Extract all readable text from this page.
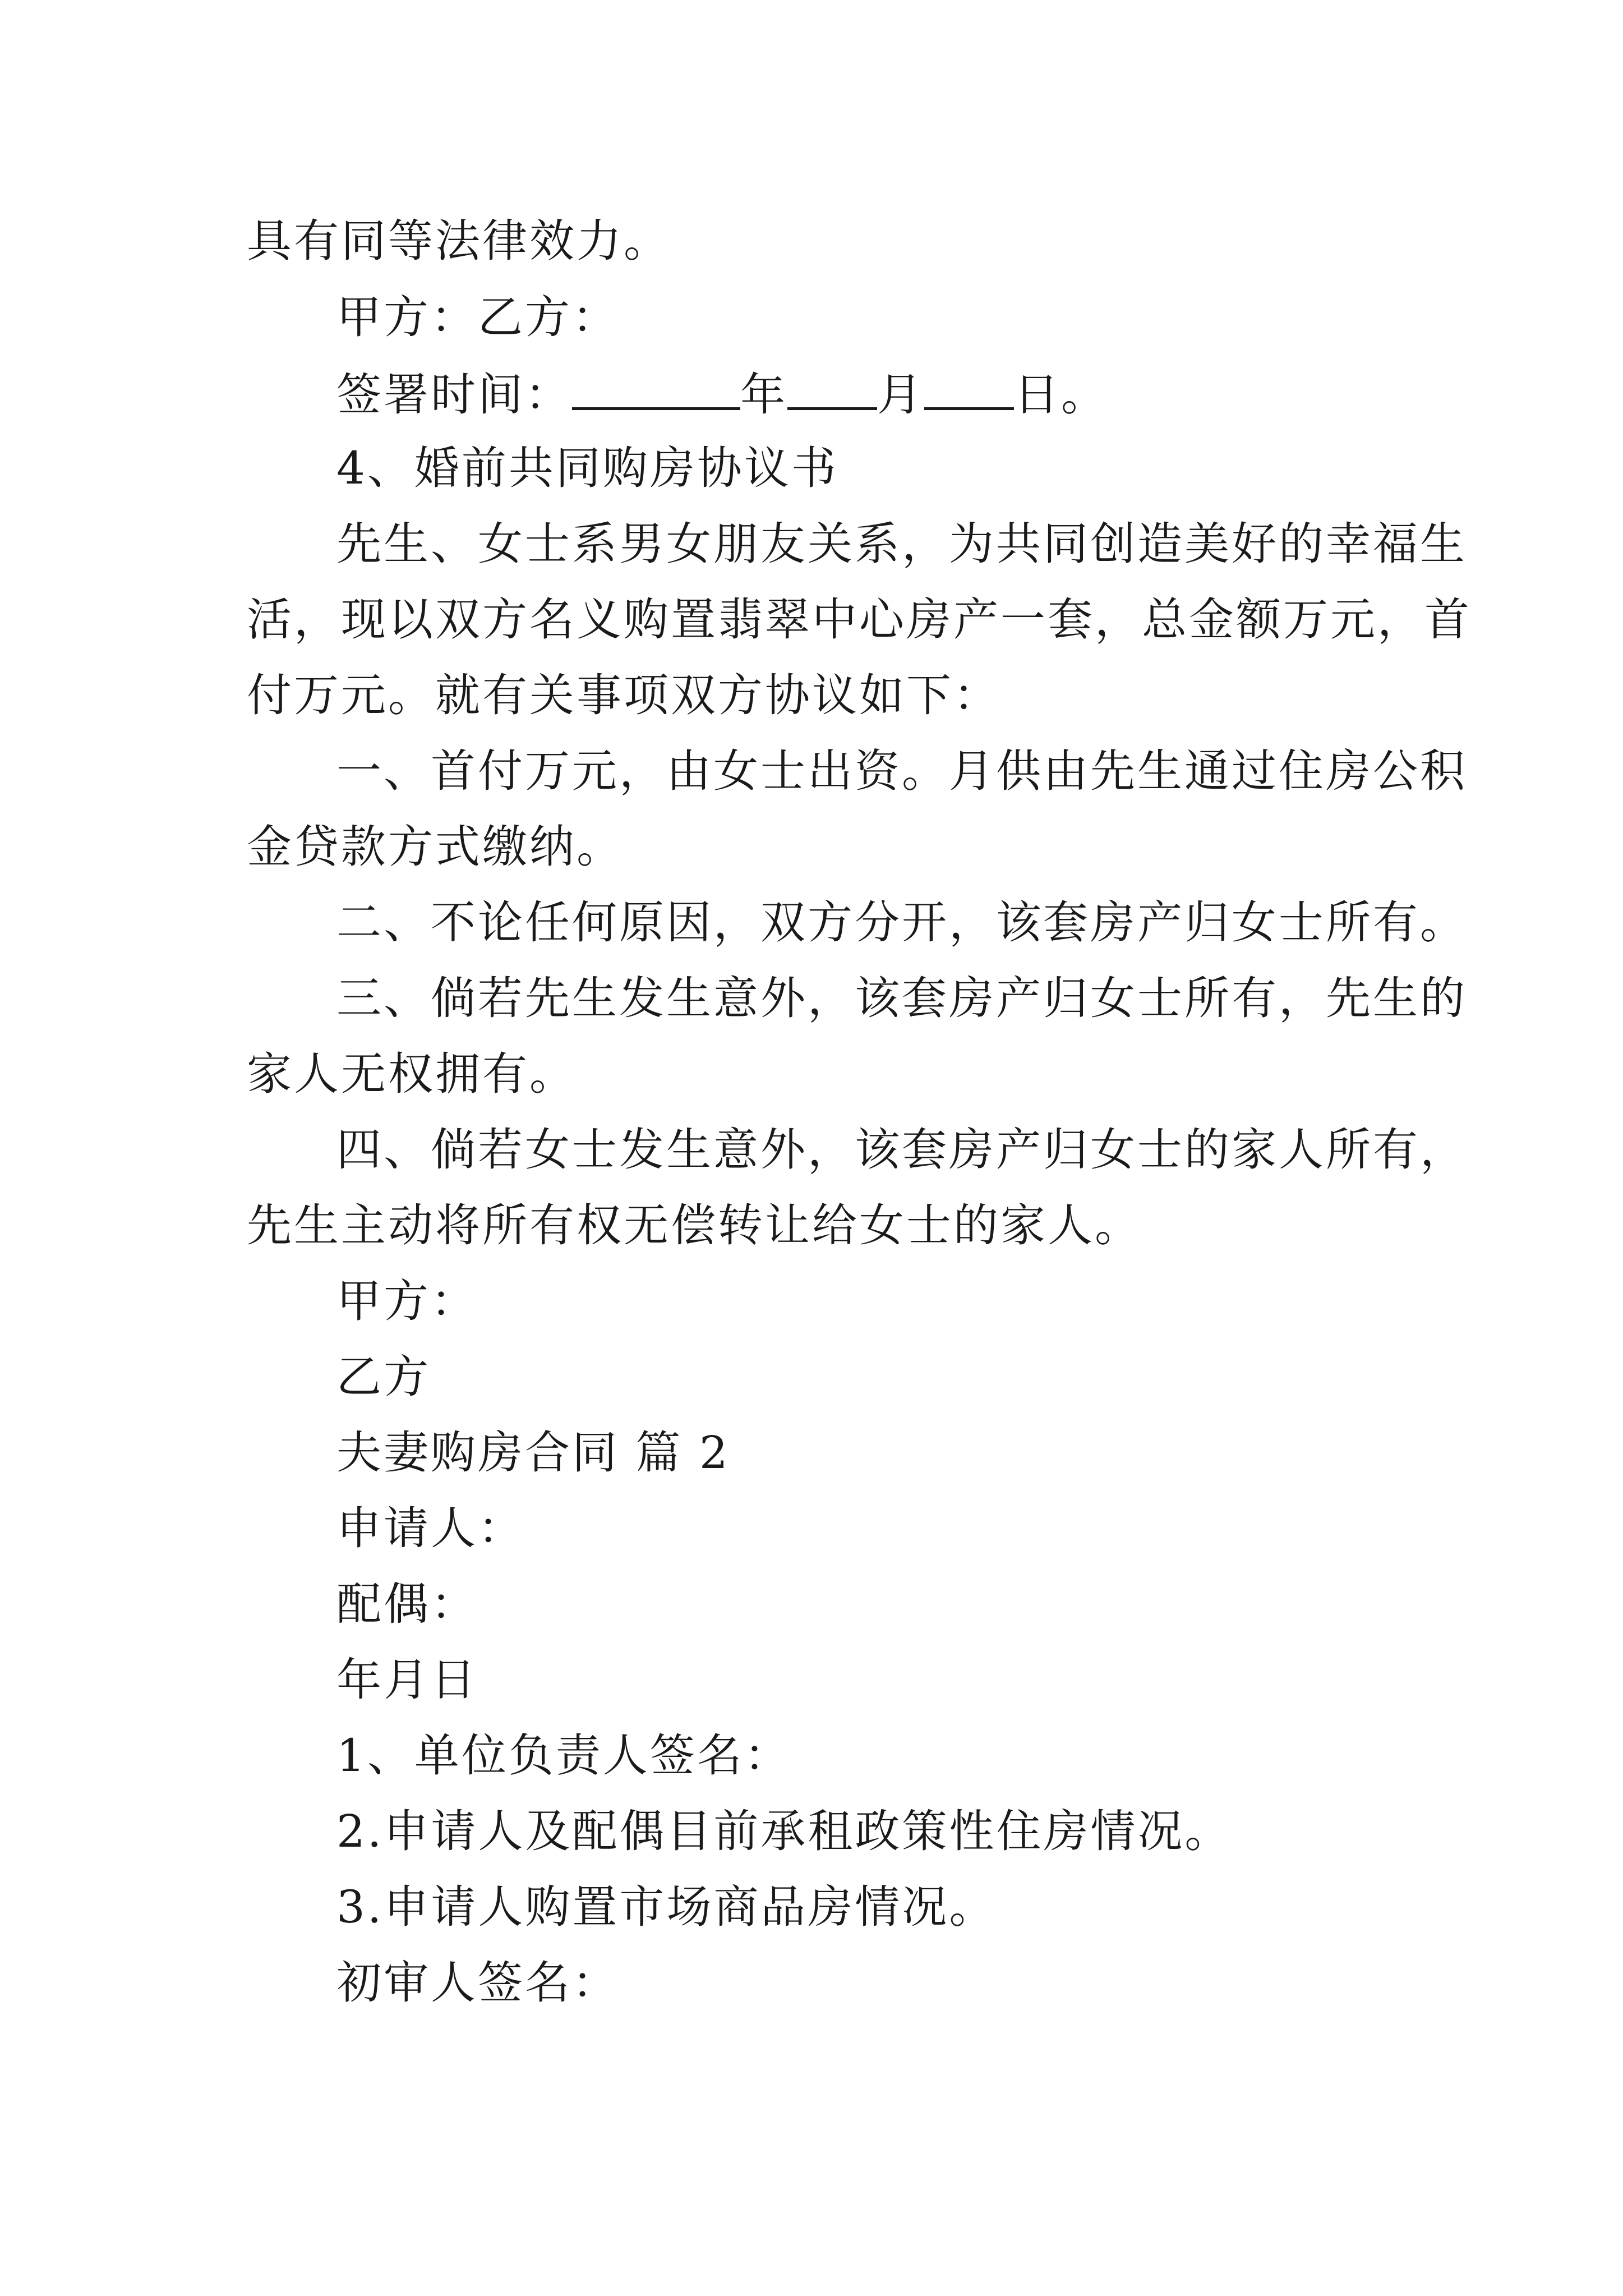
具有同等法律效力。
甲方：乙方：
签署时间：	年 月 日。
4、婚前共同购房协议书
先生、女士系男女朋友关系，为共同创造美好的幸福生
活，现以双方名义购置翡翠中心房产一套，总金额万元，首
付万元。就有关事项双方协议如下：
一、首付万元，由女士出资。月供由先生通过住房公积
金贷款方式缴纳。
二、不论任何原因，双方分开，该套房产归女士所有。
三、倘若先生发生意外，该套房产归女士所有，先生的
家人无权拥有。
四、倘若女士发生意外，该套房产归女士的家人所有，
先生主动将所有权无偿转让给女士的家人。
甲方：
乙方
夫妻购房合同 篇 2
申请人：
配偶：
年月日
1、单位负责人签名：
2.申请人及配偶目前承租政策性住房情况。
3.申请人购置市场商品房情况。
初审人签名：
